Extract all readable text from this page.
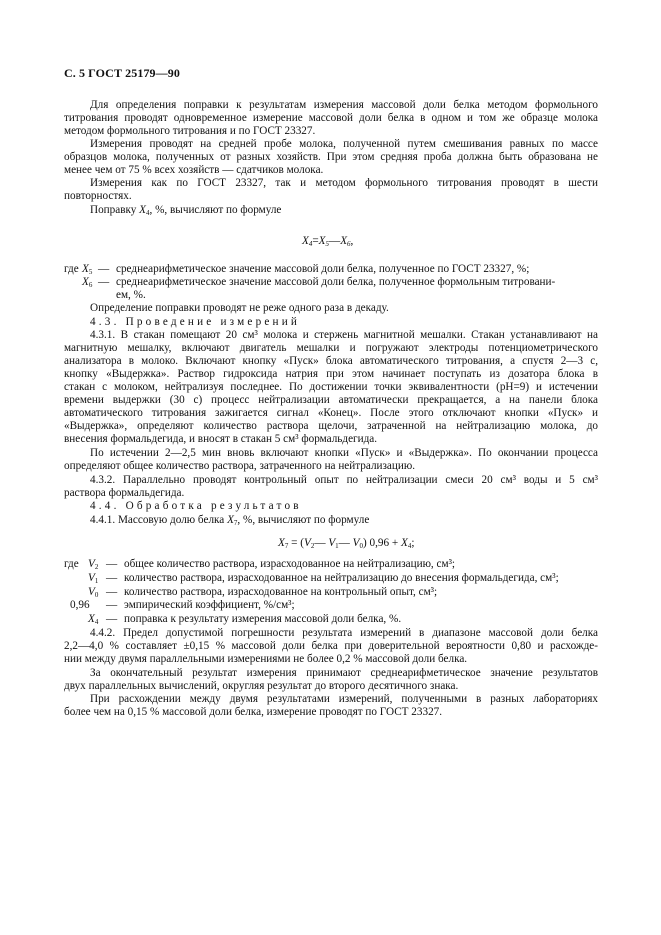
С. 5 ГОСТ 25179—90
Для определения поправки к результатам измерения массовой доли белка методом формольного
титрования проводят одновременное измерение массовой доли белка в одном и том же образце молока
методом формольного титрования и по ГОСТ 23327.
Измерения проводят на средней пробе молока, полученной путем смешивания равных по массе
образцов молока, полученных от разных хозяйств. При этом средняя проба должна быть образована не
менее чем от 75 % всех хозяйств — сдатчиков молока.
Измерения как по ГОСТ 23327, так и методом формольного титрования проводят в шести
повторностях.
Поправку $X_4$, %, вычисляют по формуле
$X_4=X_5—X_6$,
где $X_5$ — среднеарифметическое значение массовой доли белка, полученное по ГОСТ 23327, %;
$X_6$ — среднеарифметическое значение массовой доли белка, полученное формольным титровани-
ем, %.
Определение поправки проводят не реже одного раза в декаду.
4.3. Проведение измерений
4.3.1. В стакан помещают 20 см³ молока и стержень магнитной мешалки. Стакан устанавливают на
магнитную мешалку, включают двигатель мешалки и погружают электроды потенциометрического
анализатора в молоко. Включают кнопку «Пуск» блока автоматического титрования, а спустя 2—3 с,
кнопку «Выдержка». Раствор гидроксида натрия при этом начинает поступать из дозатора блока в
стакан с молоком, нейтрализуя последнее. По достижении точки эквивалентности (pH=9) и истечении
времени выдержки (30 с) процесс нейтрализации автоматически прекращается, а на панели блока
автоматического титрования зажигается сигнал «Конец». После этого отключают кнопки «Пуск» и
«Выдержка», определяют количество раствора щелочи, затраченной на нейтрализацию молока, до
внесения формальдегида, и вносят в стакан 5 см³ формальдегида.
По истечении 2—2,5 мин вновь включают кнопки «Пуск» и «Выдержка». По окончании процесса
определяют общее количество раствора, затраченного на нейтрализацию.
4.3.2. Параллельно проводят контрольный опыт по нейтрализации смеси 20 см³ воды и 5 см³
раствора формальдегида.
4.4. Обработка результатов
4.4.1. Массовую долю белка $X_7$, %, вычисляют по формуле
$X_7$ = ($V_2—$ $V_1—$ $V_0$) $0,96 + X_4$;
где $V_2$ — общее количество раствора, израсходованное на нейтрализацию, см³;
$V_1$ — количество раствора, израсходованное на нейтрализацию до внесения формальдегида, см³;
$V_0$ — количество раствора, израсходованное на контрольный опыт, см³;
0,96 — эмпирический коэффициент, %/см³;
$X_4$ — поправка к результату измерения массовой доли белка, %.
4.4.2. Предел допустимой погрешности результата измерений в диапазоне массовой доли белка
2,2—4,0 % составляет ±0,15 % массовой доли белка при доверительной вероятности 0,80 и расхожде-
нии между двумя параллельными измерениями не более 0,2 % массовой доли белка.
За окончательный результат измерения принимают среднеарифметическое значение результатов
двух параллельных вычислений, округляя результат до второго десятичного знака.
При расхождении между двумя результатами измерений, полученными в разных лабораториях
более чем на 0,15 % массовой доли белка, измерение проводят по ГОСТ 23327.
